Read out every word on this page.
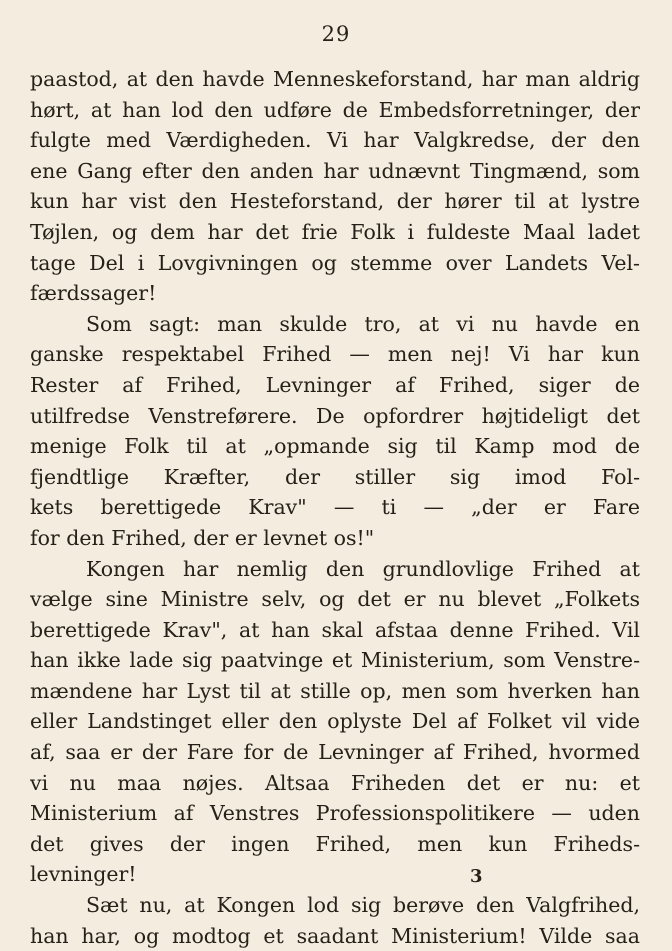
29
paastod, at den havde Menneskeforstand, har man aldrig
hørt, at han lod den udføre de Embedsforretninger, der
fulgte med Værdigheden. Vi har Valgkredse, der den
ene Gang efter den anden har udnævnt Tingmænd, som
kun har vist den Hesteforstand, der hører til at lystre
Tøjlen, og dem har det frie Folk i fuldeste Maal ladet
tage Del i Lovgivningen og stemme over Landets Vel-
færdssager!
Som sagt: man skulde tro, at vi nu havde en
ganske respektabel Frihed — men nej! Vi har kun
Rester af Frihed, Levninger af Frihed, siger de
utilfredse Venstreførere. De opfordrer højtideligt det
menige Folk til at „opmande sig til Kamp mod de
fjendtlige Kræfter, der stiller sig imod Fol-
kets berettigede Krav" — ti — „der er Fare
for den Frihed, der er levnet os!"
Kongen har nemlig den grundlovlige Frihed at
vælge sine Ministre selv, og det er nu blevet „Folkets
berettigede Krav", at han skal afstaa denne Frihed. Vil
han ikke lade sig paatvinge et Ministerium, som Venstre-
mændene har Lyst til at stille op, men som hverken han
eller Landstinget eller den oplyste Del af Folket vil vide
af, saa er der Fare for de Levninger af Frihed, hvormed
vi nu maa nøjes. Altsaa Friheden det er nu: et
Ministerium af Venstres Professionspolitikere — uden
det gives der ingen Frihed, men kun Friheds-
levninger!
Sæt nu, at Kongen lod sig berøve den Valgfrihed,
han har, og modtog et saadant Ministerium! Vilde saa
3
